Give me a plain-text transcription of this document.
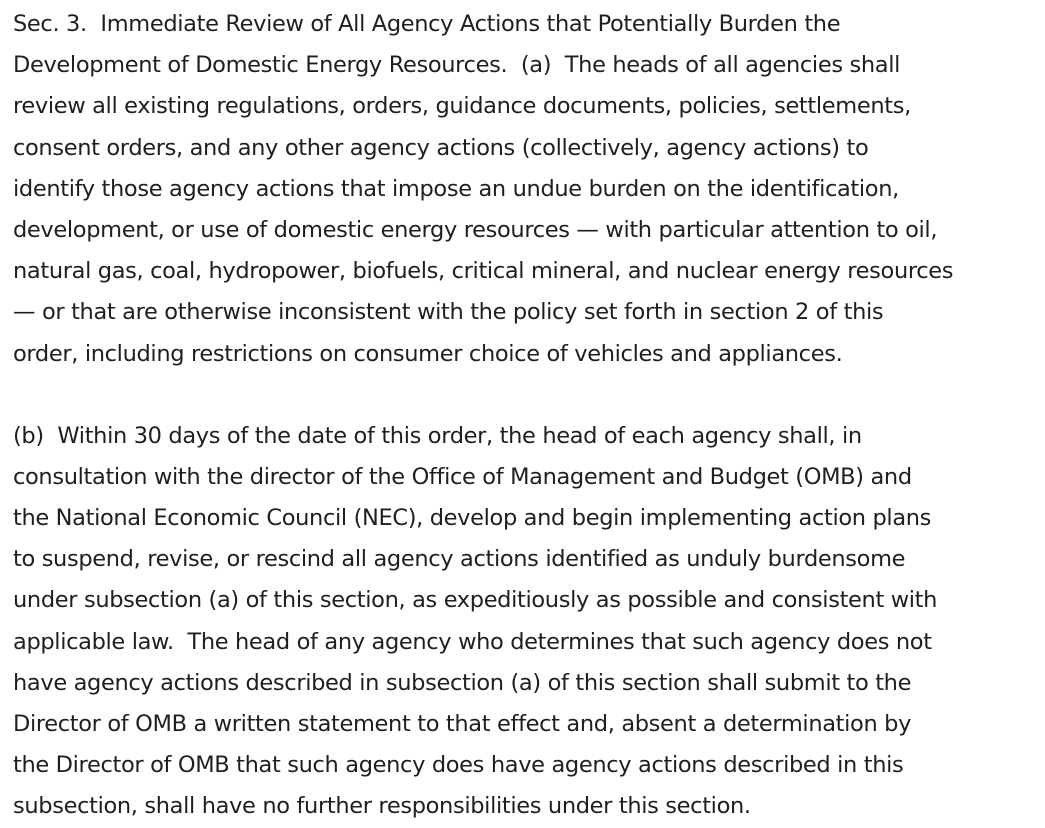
Sec. 3.  Immediate Review of All Agency Actions that Potentially Burden the
Development of Domestic Energy Resources.  (a)  The heads of all agencies shall
review all existing regulations, orders, guidance documents, policies, settlements,
consent orders, and any other agency actions (collectively, agency actions) to
identify those agency actions that impose an undue burden on the identification,
development, or use of domestic energy resources — with particular attention to oil,
natural gas, coal, hydropower, biofuels, critical mineral, and nuclear energy resources
— or that are otherwise inconsistent with the policy set forth in section 2 of this
order, including restrictions on consumer choice of vehicles and appliances.

(b)  Within 30 days of the date of this order, the head of each agency shall, in
consultation with the director of the Office of Management and Budget (OMB) and
the National Economic Council (NEC), develop and begin implementing action plans
to suspend, revise, or rescind all agency actions identified as unduly burdensome
under subsection (a) of this section, as expeditiously as possible and consistent with
applicable law.  The head of any agency who determines that such agency does not
have agency actions described in subsection (a) of this section shall submit to the
Director of OMB a written statement to that effect and, absent a determination by
the Director of OMB that such agency does have agency actions described in this
subsection, shall have no further responsibilities under this section.
